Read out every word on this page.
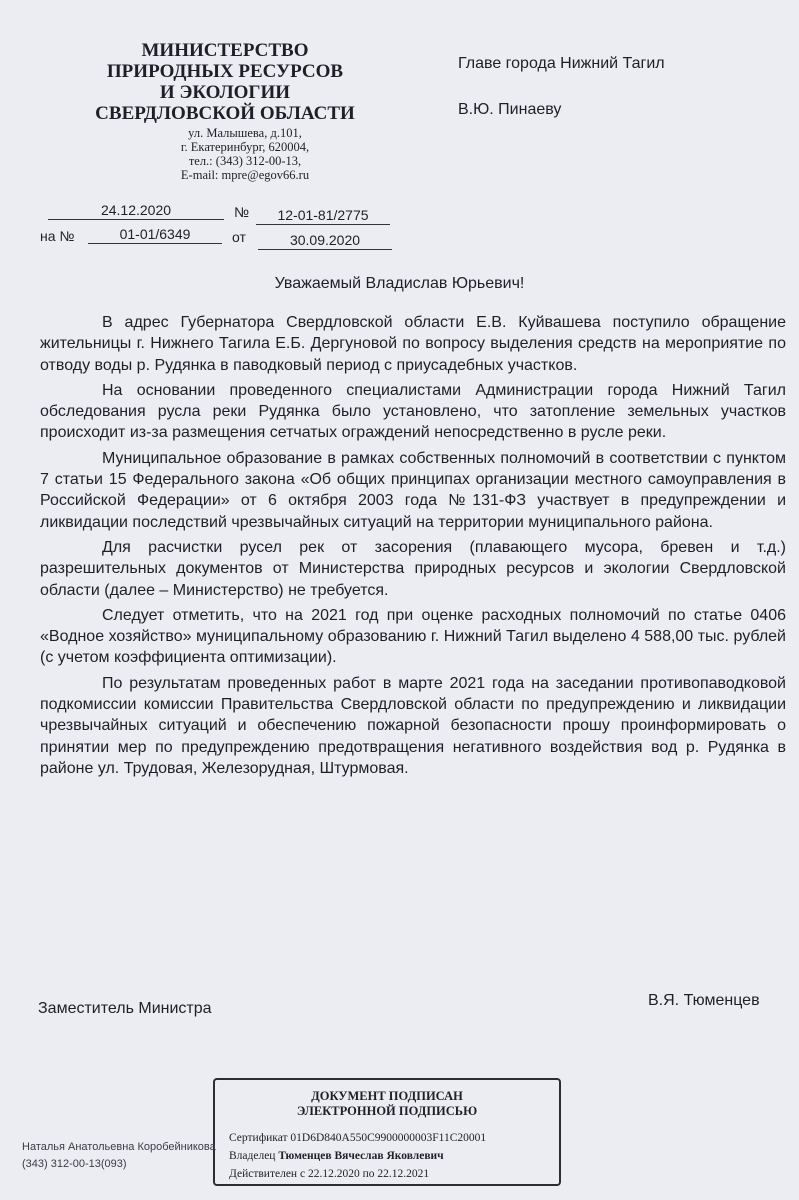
МИНИСТЕРСТВО
ПРИРОДНЫХ РЕСУРСОВ
И ЭКОЛОГИИ
СВЕРДЛОВСКОЙ ОБЛАСТИ
ул. Малышева, д.101,
г. Екатеринбург, 620004,
тел.: (343) 312-00-13,
E-mail: mpre@egov66.ru
Главе города Нижний Тагил
В.Ю. Пинаеву
24.12.2020	№	12-01-81/2775
на №	01-01/6349	от	30.09.2020
Уважаемый Владислав Юрьевич!

В адрес Губернатора Свердловской области Е.В. Куйвашева поступило обращение жительницы г. Нижнего Тагила Е.Б. Дергуновой по вопросу выделения средств на мероприятие по отводу воды р. Рудянка в паводковый период с приусадебных участков.

На основании проведенного специалистами Администрации города Нижний Тагил обследования русла реки Рудянка было установлено, что затопление земельных участков происходит из-за размещения сетчатых ограждений непосредственно в русле реки.

Муниципальное образование в рамках собственных полномочий в соответствии с пунктом 7 статьи 15 Федерального закона «Об общих принципах организации местного самоуправления в Российской Федерации» от 6 октября 2003 года №131-ФЗ участвует в предупреждении и ликвидации последствий чрезвычайных ситуаций на территории муниципального района.

Для расчистки русел рек от засорения (плавающего мусора, бревен и т.д.) разрешительных документов от Министерства природных ресурсов и экологии Свердловской области (далее – Министерство) не требуется.

Следует отметить, что на 2021 год при оценке расходных полномочий по статье 0406 «Водное хозяйство» муниципальному образованию г. Нижний Тагил выделено 4 588,00 тыс. рублей (с учетом коэффициента оптимизации).

По результатам проведенных работ в марте 2021 года на заседании противопаводковой подкомиссии комиссии Правительства Свердловской области по предупреждению и ликвидации чрезвычайных ситуаций и обеспечению пожарной безопасности прошу проинформировать о принятии мер по предупреждению предотвращения негативного воздействия вод р. Рудянка в районе ул. Трудовая, Железорудная, Штурмовая.

Заместитель Министра	В.Я. Тюменцев
ДОКУМЕНТ ПОДПИСАН
ЭЛЕКТРОННОЙ ПОДПИСЬЮ
Сертификат 01D6D840A550C9900000003F11C20001
Владелец Тюменцев Вячеслав Яковлевич
Действителен с 22.12.2020 по 22.12.2021
Наталья Анатольевна Коробейникова
(343) 312-00-13(093)
